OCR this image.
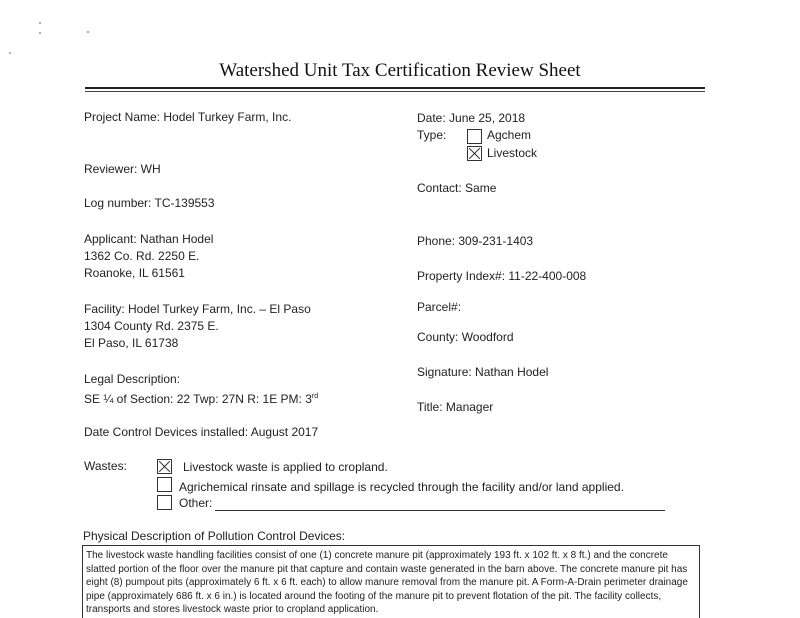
Watershed Unit Tax Certification Review Sheet
Project Name: Hodel Turkey Farm, Inc.
Reviewer: WH
Log number: TC-139553
Applicant: Nathan Hodel
1362 Co. Rd. 2250 E.
Roanoke, IL 61561
Facility: Hodel Turkey Farm, Inc. – El Paso
1304 County Rd. 2375 E.
El Paso, IL 61738
Legal Description:
SE ¼ of Section: 22 Twp: 27N R: 1E PM: 3rd
Date Control Devices installed: August 2017
Date: June 25, 2018
Type:	Agchem
Livestock
Contact: Same
Phone: 309-231-1403
Property Index#: 11-22-400-008
Parcel#:
County: Woodford
Signature: Nathan Hodel
Title: Manager
Wastes:	Livestock waste is applied to cropland.
Agrichemical rinsate and spillage is recycled through the facility and/or land applied.
Other:
Physical Description of Pollution Control Devices:
The livestock waste handling facilities consist of one (1) concrete manure pit (approximately 193 ft. x 102 ft. x 8 ft.) and the concrete slatted portion of the floor over the manure pit that capture and contain waste generated in the barn above. The concrete manure pit has eight (8) pumpout pits (approximately 6 ft. x 6 ft. each) to allow manure removal from the manure pit. A Form-A-Drain perimeter drainage pipe (approximately 686 ft. x 6 in.) is located around the footing of the manure pit to prevent flotation of the pit. The facility collects, transports and stores livestock waste prior to cropland application.
